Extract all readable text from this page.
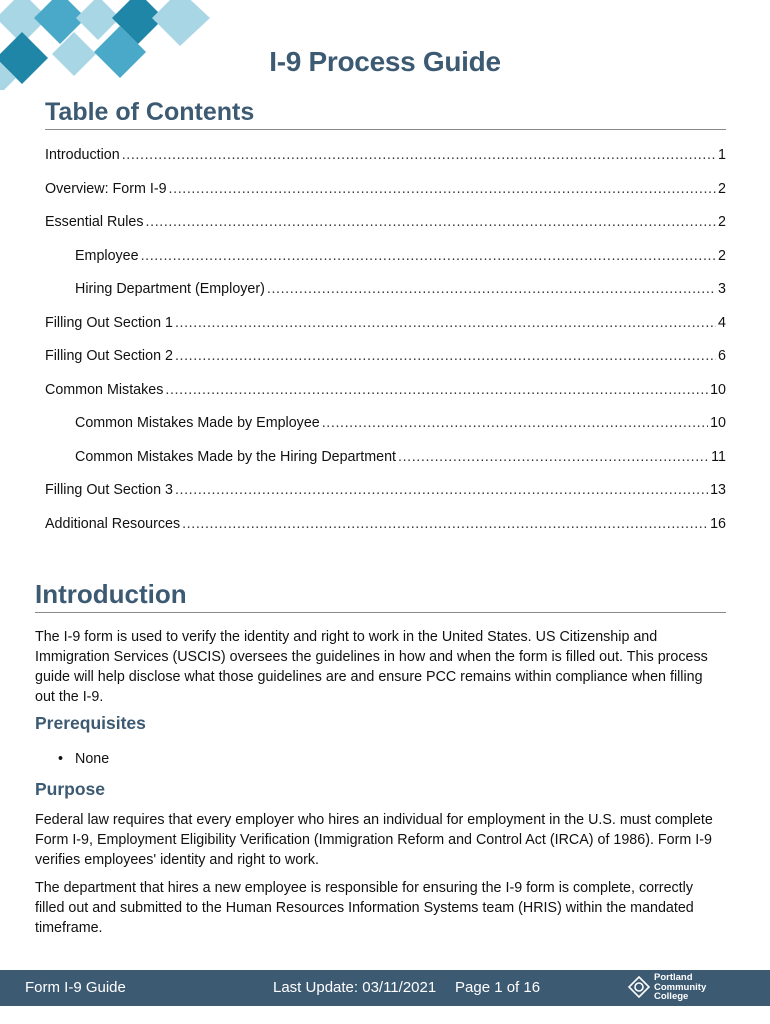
I-9 Process Guide
Table of Contents
Introduction .....	1
Overview: Form I-9 .....	2
Essential Rules .....	2
Employee .....	2
Hiring Department (Employer) .....	3
Filling Out Section 1 .....	4
Filling Out Section 2 .....	6
Common Mistakes .....	10
Common Mistakes Made by Employee .....	10
Common Mistakes Made by the Hiring Department .....	11
Filling Out Section 3 .....	13
Additional Resources .....	16
Introduction
The I-9 form is used to verify the identity and right to work in the United States. US Citizenship and Immigration Services (USCIS) oversees the guidelines in how and when the form is filled out. This process guide will help disclose what those guidelines are and ensure PCC remains within compliance when filling out the I-9.
Prerequisites
• None
Purpose
Federal law requires that every employer who hires an individual for employment in the U.S. must complete Form I-9, Employment Eligibility Verification (Immigration Reform and Control Act (IRCA) of 1986). Form I-9 verifies employees' identity and right to work.
The department that hires a new employee is responsible for ensuring the I-9 form is complete, correctly filled out and submitted to the Human Resources Information Systems team (HRIS) within the mandated timeframe.
Form I-9 Guide	Last Update: 03/11/2021 Page 1 of 16
Portland
Community
College
